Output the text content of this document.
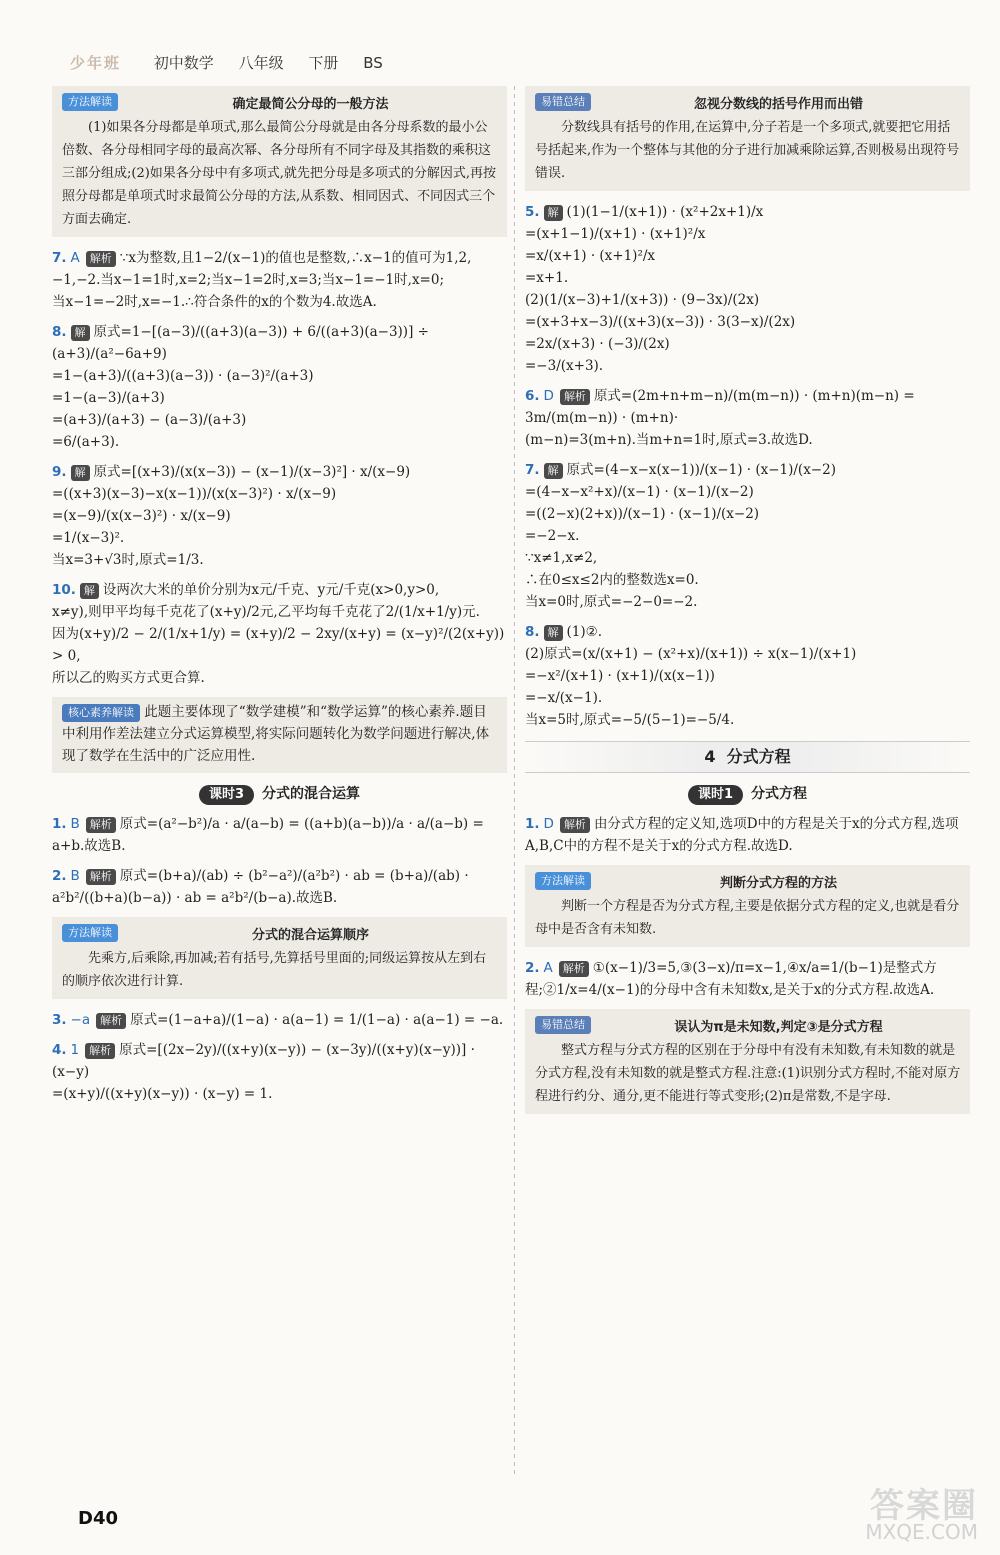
少年班 初中数学 八年级 下册 BS
方法解读	确定最简公分母的一般方法
(1)如果各分母都是单项式,那么最简公分母就是由各分母系数的最小公倍数、各分母相同字母的最高次幂、各分母所有不同字母及其指数的乘积这三部分组成;(2)如果各分母中有多项式,就先把分母是多项式的分解因式,再按照分母都是单项式时求最简公分母的方法,从系数、相同因式、不同因式三个方面去确定.
7. A 解析 ∵x为整数,且1−2/(x−1)的值也是整数,∴x−1的值可为1,2,
−1,−2.当x−1=1时,x=2;当x−1=2时,x=3;当x−1=−1时,x=0;
当x−1=−2时,x=−1.∴符合条件的x的个数为4.故选A.
8. 解 原式=1−[(a−3)/((a+3)(a−3)) + 6/((a+3)(a−3))] ÷ (a+3)/(a²−6a+9)
=1−(a+3)/((a+3)(a−3)) · (a−3)²/(a+3)
=1−(a−3)/(a+3)
=(a+3)/(a+3) − (a−3)/(a+3)
=6/(a+3).
9. 解 原式=[(x+3)/(x(x−3)) − (x−1)/(x−3)²] · x/(x−9)
=((x+3)(x−3)−x(x−1))/(x(x−3)²) · x/(x−9)
=(x−9)/(x(x−3)²) · x/(x−9)
=1/(x−3)².
当x=3+√3时,原式=1/3.
10. 解 设两次大米的单价分别为x元/千克、y元/千克(x>0,y>0,
x≠y),则甲平均每千克花了(x+y)/2元,乙平均每千克花了2/(1/x+1/y)元.
因为(x+y)/2 − 2/(1/x+1/y) = (x+y)/2 − 2xy/(x+y) = (x−y)²/(2(x+y)) > 0,
所以乙的购买方式更合算.
核心素养解读 此题主要体现了“数学建模”和“数学运算”的核心素养.题目中利用作差法建立分式运算模型,将实际问题转化为数学问题进行解决,体现了数学在生活中的广泛应用性.
课时3 分式的混合运算
1. B 解析 原式=(a²−b²)/a · a/(a−b) = ((a+b)(a−b))/a · a/(a−b) = a+b.故选B.
2. B 解析 原式=(b+a)/(ab) ÷ (b²−a²)/(a²b²) · ab = (b+a)/(ab) · a²b²/((b+a)(b−a)) · ab = a²b²/(b−a).故选B.
方法解读	分式的混合运算顺序
先乘方,后乘除,再加减;若有括号,先算括号里面的;同级运算按从左到右的顺序依次进行计算.
3. −a 解析 原式=(1−a+a)/(1−a) · a(a−1) = 1/(1−a) · a(a−1) = −a.
4. 1 解析 原式=[(2x−2y)/((x+y)(x−y)) − (x−3y)/((x+y)(x−y))] · (x−y)
=(x+y)/((x+y)(x−y)) · (x−y) = 1.
易错总结	忽视分数线的括号作用而出错
分数线具有括号的作用,在运算中,分子若是一个多项式,就要把它用括号括起来,作为一个整体与其他的分子进行加减乘除运算,否则极易出现符号错误.
5. 解 (1)(1−1/(x+1)) · (x²+2x+1)/x
=(x+1−1)/(x+1) · (x+1)²/x
=x/(x+1) · (x+1)²/x
=x+1.
(2)(1/(x−3)+1/(x+3)) · (9−3x)/(2x)
=(x+3+x−3)/((x+3)(x−3)) · 3(3−x)/(2x)
=2x/(x+3) · (−3)/(2x)
=−3/(x+3).
6. D 解析 原式=(2m+n+m−n)/(m(m−n)) · (m+n)(m−n) = 3m/(m(m−n)) · (m+n)·
(m−n)=3(m+n).当m+n=1时,原式=3.故选D.
7. 解 原式=(4−x−x(x−1))/(x−1) · (x−1)/(x−2)
=(4−x−x²+x)/(x−1) · (x−1)/(x−2)
=((2−x)(2+x))/(x−1) · (x−1)/(x−2)
=−2−x.
∵x≠1,x≠2,
∴在0≤x≤2内的整数选x=0.
当x=0时,原式=−2−0=−2.
8. 解 (1)②.
(2)原式=(x/(x+1) − (x²+x)/(x+1)) ÷ x(x−1)/(x+1)
=−x²/(x+1) · (x+1)/(x(x−1))
=−x/(x−1).
当x=5时,原式=−5/(5−1)=−5/4.
4 分式方程
课时1 分式方程
1. D 解析 由分式方程的定义知,选项D中的方程是关于x的分式方程,选项A,B,C中的方程不是关于x的分式方程.故选D.
方法解读	判断分式方程的方法
判断一个方程是否为分式方程,主要是依据分式方程的定义,也就是看分母中是否含有未知数.
2. A 解析 ①(x−1)/3=5,③(3−x)/π=x−1,④x/a=1/(b−1)是整式方程;②1/x=4/(x−1)的分母中含有未知数x,是关于x的分式方程.故选A.
易错总结	误认为π是未知数,判定③是分式方程
整式方程与分式方程的区别在于分母中有没有未知数,有未知数的就是分式方程,没有未知数的就是整式方程.注意:(1)识别分式方程时,不能对原方程进行约分、通分,更不能进行等式变形;(2)π是常数,不是字母.
D40	答案圈
MXQE.COM
